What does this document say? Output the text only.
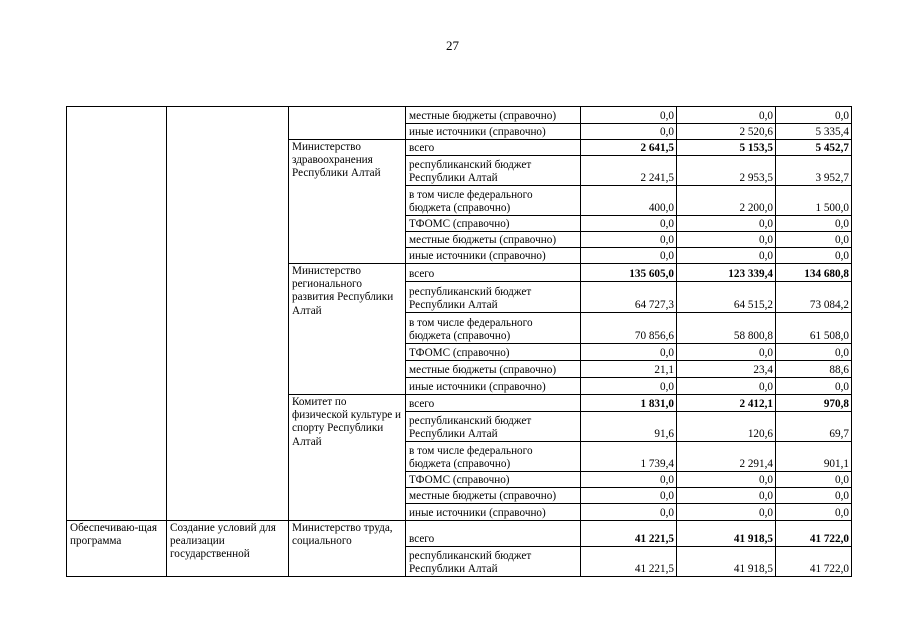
27
			местные бюджеты (справочно)	0,0	0,0	0,0
			иные источники (справочно)	0,0	2 520,6	5 335,4
		Министерство здравоохранения Республики Алтай	всего	2 641,5	5 153,5	5 452,7
			республиканский бюджет Республики Алтай	2 241,5	2 953,5	3 952,7
			в том числе федерального бюджета (справочно)	400,0	2 200,0	1 500,0
			ТФОМС (справочно)	0,0	0,0	0,0
			местные бюджеты (справочно)	0,0	0,0	0,0
			иные источники (справочно)	0,0	0,0	0,0
		Министерство регионального развития Республики Алтай	всего	135 605,0	123 339,4	134 680,8
			республиканский бюджет Республики Алтай	64 727,3	64 515,2	73 084,2
			в том числе федерального бюджета (справочно)	70 856,6	58 800,8	61 508,0
			ТФОМС (справочно)	0,0	0,0	0,0
			местные бюджеты (справочно)	21,1	23,4	88,6
			иные источники (справочно)	0,0	0,0	0,0
		Комитет по физической культуре и спорту Республики Алтай	всего	1 831,0	2 412,1	970,8
			республиканский бюджет Республики Алтай	91,6	120,6	69,7
			в том числе федерального бюджета (справочно)	1 739,4	2 291,4	901,1
			ТФОМС (справочно)	0,0	0,0	0,0
			местные бюджеты (справочно)	0,0	0,0	0,0
			иные источники (справочно)	0,0	0,0	0,0
Обеспечиваю-щая программа	Создание условий для реализации государственной	Министерство труда, социального	всего	41 221,5	41 918,5	41 722,0
			республиканский бюджет Республики Алтай	41 221,5	41 918,5	41 722,0
